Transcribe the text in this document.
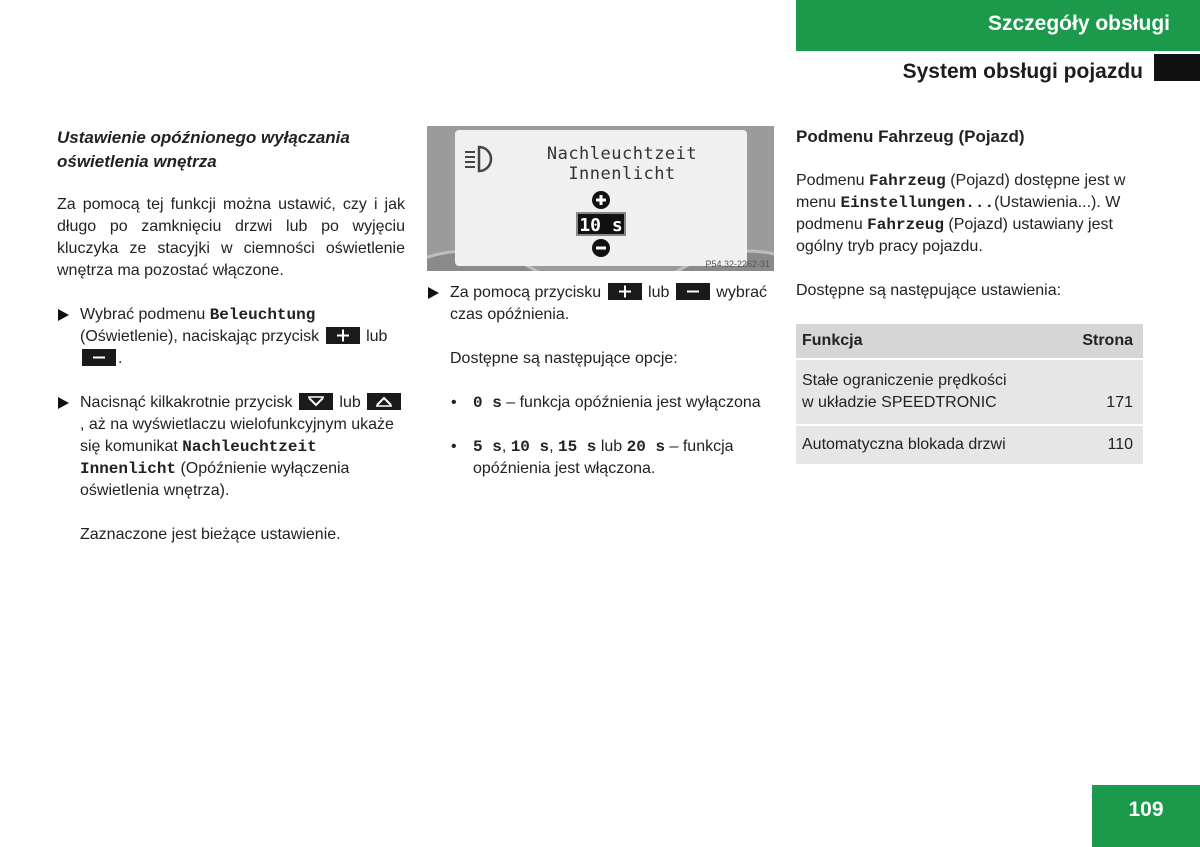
Szczegóły obsługi
System obsługi pojazdu
Ustawienie opóźnionego wyłączania oświetlenia wnętrza

Za pomocą tej funkcji można ustawić, czy i jak długo po zamknięciu drzwi lub po wyjęciu kluczyka ze stacyjki w ciemności oświetlenie wnętrza ma pozostać włączone.

Wybrać podmenu Beleuchtung (Oświetlenie), naciskając przycisk
lub
.
Nacisnąć kilkakrotnie przycisk
lub
, aż na wyświetlaczu wielofunkcyjnym ukaże się komunikat Nachleuchtzeit Innenlicht (Opóźnienie wyłączenia oświetlenia wnętrza).

Zaznaczone jest bieżące ustawienie.

Nachleuchtzeit
Innenlicht
10 s
P54.32-2262-31
Za pomocą przycisku
lub
wybrać czas opóźnienia.

Dostępne są następujące opcje:

• 0 s – funkcja opóźnienia jest wyłączona
• 5 s, 10 s, 15 s lub 20 s – funkcja opóźnienia jest włączona.
Podmenu Fahrzeug (Pojazd)

Podmenu Fahrzeug (Pojazd) dostępne jest w menu Einstellungen...(Ustawienia...). W podmenu Fahrzeug (Pojazd) ustawiany jest ogólny tryb pracy pojazdu.

Dostępne są następujące ustawienia:

Funkcja	Strona
Stałe ograniczenie prędkości
w układzie SPEEDTRONIC	171
Automatyczna blokada drzwi	110
109
